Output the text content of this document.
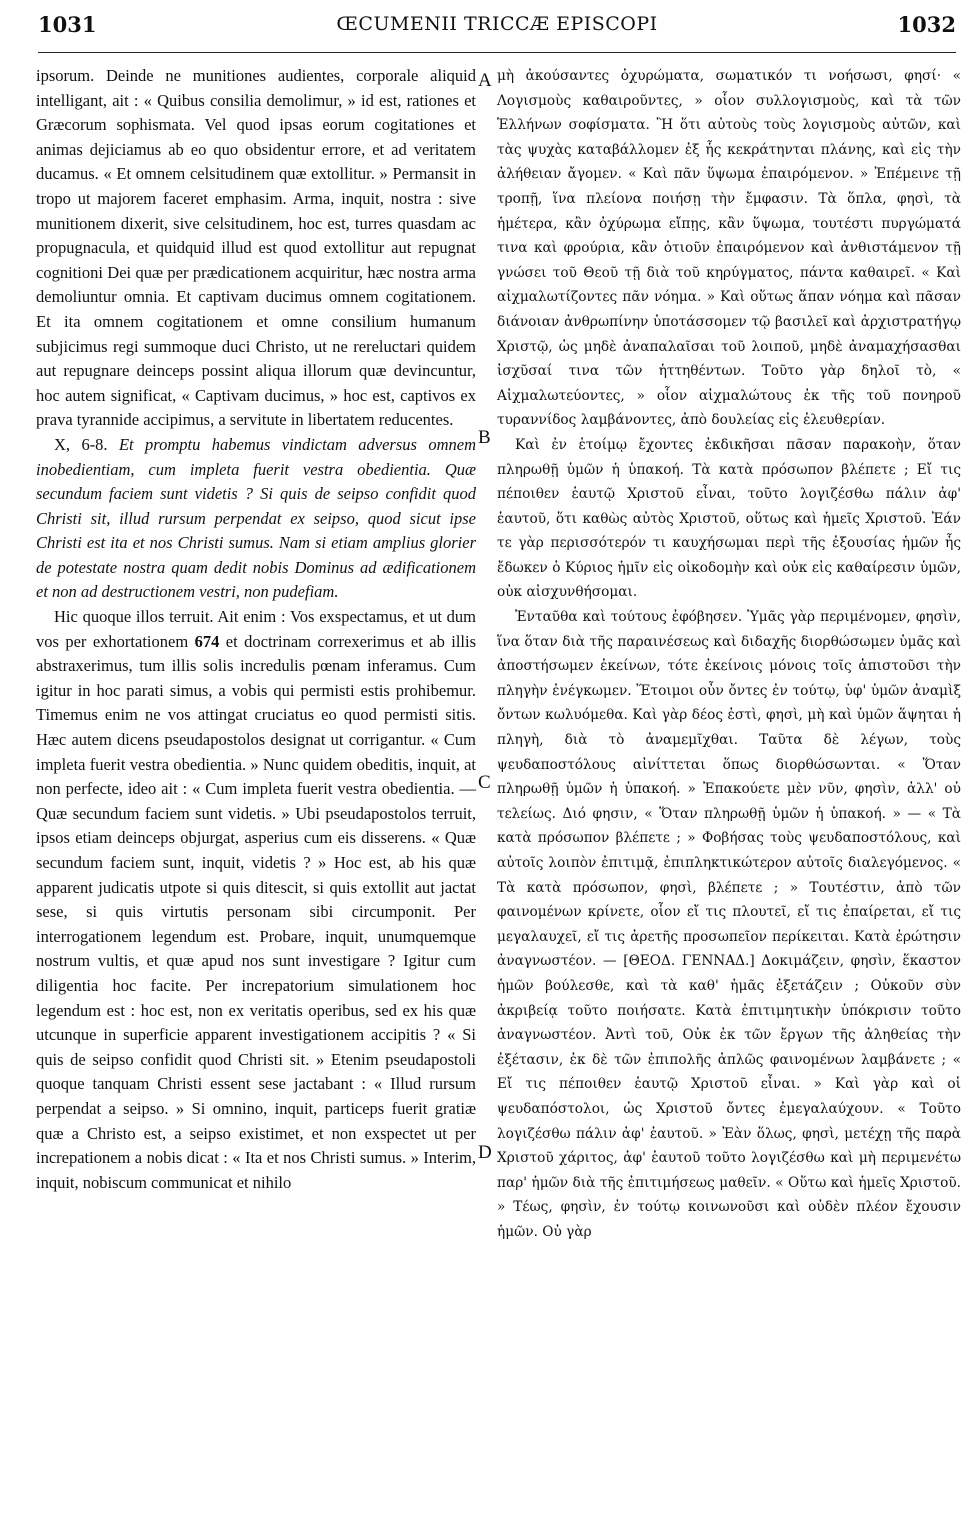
1031	ŒCUMENII TRICCÆ EPISCOPI	1032

ipsorum. Deinde ne munitiones audientes, corporale aliquid intelligant, ait : « Quibus consilia demolimur, » id est, rationes et Græcorum sophismata. Vel quod ipsas eorum cogitationes et animas dejiciamus ab eo quo obsidentur errore, et ad veritatem ducamus. « Et omnem celsitudinem quæ extollitur. » Permansit in tropo ut majorem faceret emphasim. Arma, inquit, nostra : sive munitionem dixerit, sive celsitudinem, hoc est, turres quasdam ac propugnacula, et quidquid illud est quod extollitur aut repugnat cognitioni Dei quæ per prædicationem acquiritur, hæc nostra arma demoliuntur omnia. Et captivam ducimus omnem cogitationem. Et ita omnem cogitationem et omne consilium humanum subjicimus regi summoque duci Christo, ut ne rereluctari quidem aut repugnare deinceps possint aliqua illorum quæ devincuntur, hoc autem significat, « Captivam ducimus, » hoc est, captivos ex prava tyrannide accipimus, a servitute in libertatem reducentes.

X, 6-8. Et promptu habemus vindictam adversus omnem inobedientiam, cum impleta fuerit vestra obedientia. Quæ secundum faciem sunt videtis ? Si quis de seipso confidit quod Christi sit, illud rursum perpendat ex seipso, quod sicut ipse Christi est ita et nos Christi sumus. Nam si etiam amplius glorier de potestate nostra quam dedit nobis Dominus ad ædificationem et non ad destructionem vestri, non pudefiam.

Hic quoque illos terruit. Ait enim : Vos exspectamus, et ut dum vos per exhortationem 674 et doctrinam correxerimus et ab illis abstraxerimus, tum illis solis incredulis pœnam inferamus. Cum igitur in hoc parati simus, a vobis qui permisti estis prohibemur. Timemus enim ne vos attingat cruciatus eo quod permisti sitis. Hæc autem dicens pseudapostolos designat ut corrigantur. « Cum impleta fuerit vestra obedientia. » Nunc quidem obeditis, inquit, at non perfecte, ideo ait : « Cum impleta fuerit vestra obedientia. — Quæ secundum faciem sunt videtis. » Ubi pseudapostolos terruit, ipsos etiam deinceps objurgat, asperius cum eis disserens. « Quæ secundum faciem sunt, inquit, videtis ? » Hoc est, ab his quæ apparent judicatis utpote si quis ditescit, si quis extollit aut jactat sese, si quis virtutis personam sibi circumponit. Per interrogationem legendum est. Probare, inquit, unumquemque nostrum vultis, et quæ apud nos sunt investigare ? Igitur cum diligentia hoc facite. Per increpatorium simulationem hoc legendum est : hoc est, non ex veritatis operibus, sed ex his quæ utcunque in superficie apparent investigationem accipitis ? « Si quis de seipso confidit quod Christi sit. » Etenim pseudapostoli quoque tanquam Christi essent sese jactabant : « Illud rursum perpendat a seipso. » Si omnino, inquit, particeps fuerit gratiæ quæ a Christo est, a seipso existimet, et non exspectet ut per increpationem a nobis dicat : « Ita et nos Christi sumus. » Interim, inquit, nobiscum communicat et nihilo

A
B
C
D

μὴ ἀκούσαντες ὀχυρώματα, σωματικόν τι νοήσωσι, φησί· « Λογισμοὺς καθαιροῦντες, » οἷον συλλογισμοὺς, καὶ τὰ τῶν Ἑλλήνων σοφίσματα. Ἢ ὅτι αὐτοὺς τοὺς λογισμοὺς αὐτῶν, καὶ τὰς ψυχὰς καταβάλλομεν ἐξ ἧς κεκράτηνται πλάνης, καὶ εἰς τὴν ἀλήθειαν ἄγομεν. « Καὶ πᾶν ὕψωμα ἐπαιρόμενον. » Ἐπέμεινε τῇ τροπῇ, ἵνα πλείονα ποιήσῃ τὴν ἔμφασιν. Τὰ ὅπλα, φησὶ, τὰ ἡμέτερα, κἂν ὀχύρωμα εἴπῃς, κἂν ὕψωμα, τουτέστι πυργώματά τινα καὶ φρούρια, κἂν ὁτιοῦν ἐπαιρόμενον καὶ ἀνθιστάμενον τῇ γνώσει τοῦ Θεοῦ τῇ διὰ τοῦ κηρύγματος, πάντα καθαιρεῖ. « Καὶ αἰχμαλωτίζοντες πᾶν νόημα. » Καὶ οὕτως ἅπαν νόημα καὶ πᾶσαν διάνοιαν ἀνθρωπίνην ὑποτάσσομεν τῷ βασιλεῖ καὶ ἀρχιστρατήγῳ Χριστῷ, ὡς μηδὲ ἀναπαλαῖσαι τοῦ λοιποῦ, μηδὲ ἀναμαχήσασθαι ἰσχῦσαί τινα τῶν ἡττηθέντων. Τοῦτο γὰρ δηλοῖ τὸ, « Αἰχμαλωτεύοντες, » οἷον αἰχμαλώτους ἐκ τῆς τοῦ πονηροῦ τυραννίδος λαμβάνοντες, ἀπὸ δουλείας εἰς ἐλευθερίαν.

Καὶ ἐν ἑτοίμῳ ἔχοντες ἐκδικῆσαι πᾶσαν παρακοὴν, ὅταν πληρωθῇ ὑμῶν ἡ ὑπακοή. Τὰ κατὰ πρόσωπον βλέπετε ; Εἴ τις πέποιθεν ἑαυτῷ Χριστοῦ εἶναι, τοῦτο λογιζέσθω πάλιν ἀφ' ἑαυτοῦ, ὅτι καθὼς αὐτὸς Χριστοῦ, οὕτως καὶ ἡμεῖς Χριστοῦ. Ἐάν τε γὰρ περισσότερόν τι καυχήσωμαι περὶ τῆς ἐξουσίας ἡμῶν ἧς ἔδωκεν ὁ Κύριος ἡμῖν εἰς οἰκοδομὴν καὶ οὐκ εἰς καθαίρεσιν ὑμῶν, οὐκ αἰσχυνθήσομαι.

Ἐνταῦθα καὶ τούτους ἐφόβησεν. Ὑμᾶς γὰρ περιμένομεν, φησὶν, ἵνα ὅταν διὰ τῆς παραινέσεως καὶ διδαχῆς διορθώσωμεν ὑμᾶς καὶ ἀποστήσωμεν ἐκείνων, τότε ἐκείνοις μόνοις τοῖς ἀπιστοῦσι τὴν πληγὴν ἐνέγκωμεν. Ἕτοιμοι οὖν ὄντες ἐν τούτῳ, ὑφ' ὑμῶν ἀναμὶξ ὄντων κωλυόμεθα. Καὶ γὰρ δέος ἐστὶ, φησὶ, μὴ καὶ ὑμῶν ἅψηται ἡ πληγὴ, διὰ τὸ ἀναμεμῖχθαι. Ταῦτα δὲ λέγων, τοὺς ψευδαποστόλους αἰνίττεται ὅπως διορθώσωνται. « Ὅταν πληρωθῇ ὑμῶν ἡ ὑπακοή. » Ἐπακούετε μὲν νῦν, φησὶν, ἀλλ' οὐ τελείως. Διό φησιν, « Ὅταν πληρωθῇ ὑμῶν ἡ ὑπακοή. » — « Τὰ κατὰ πρόσωπον βλέπετε ; » Φοβήσας τοὺς ψευδαποστόλους, καὶ αὐτοῖς λοιπὸν ἐπιτιμᾷ, ἐπιπληκτικώτερον αὐτοῖς διαλεγόμενος. « Τὰ κατὰ πρόσωπον, φησὶ, βλέπετε ; » Τουτέστιν, ἀπὸ τῶν φαινομένων κρίνετε, οἷον εἴ τις πλουτεῖ, εἴ τις ἐπαίρεται, εἴ τις μεγαλαυχεῖ, εἴ τις ἀρετῆς προσωπεῖον περίκειται. Κατὰ ἐρώτησιν ἀναγνωστέον. — [ΘΕΟΔ. ΓΕΝΝΑΔ.] Δοκιμάζειν, φησὶν, ἕκαστον ἡμῶν βούλεσθε, καὶ τὰ καθ' ἡμᾶς ἐξετάζειν ; Οὐκοῦν σὺν ἀκριβείᾳ τοῦτο ποιήσατε. Κατὰ ἐπιτιμητικὴν ὑπόκρισιν τοῦτο ἀναγνωστέον. Ἀντὶ τοῦ, Οὐκ ἐκ τῶν ἔργων τῆς ἀληθείας τὴν ἐξέτασιν, ἐκ δὲ τῶν ἐπιπολῆς ἁπλῶς φαινομένων λαμβάνετε ; « Εἴ τις πέποιθεν ἑαυτῷ Χριστοῦ εἶναι. » Καὶ γὰρ καὶ οἱ ψευδαπόστολοι, ὡς Χριστοῦ ὄντες ἐμεγαλαύχουν. « Τοῦτο λογιζέσθω πάλιν ἀφ' ἑαυτοῦ. » Ἐὰν ὅλως, φησὶ, μετέχῃ τῆς παρὰ Χριστοῦ χάριτος, ἀφ' ἑαυτοῦ τοῦτο λογιζέσθω καὶ μὴ περιμενέτω παρ' ἡμῶν διὰ τῆς ἐπιτιμήσεως μαθεῖν. « Οὕτω καὶ ἡμεῖς Χριστοῦ. » Τέως, φησὶν, ἐν τούτῳ κοινωνοῦσι καὶ οὐδὲν πλέον ἔχουσιν ἡμῶν. Οὐ γὰρ
